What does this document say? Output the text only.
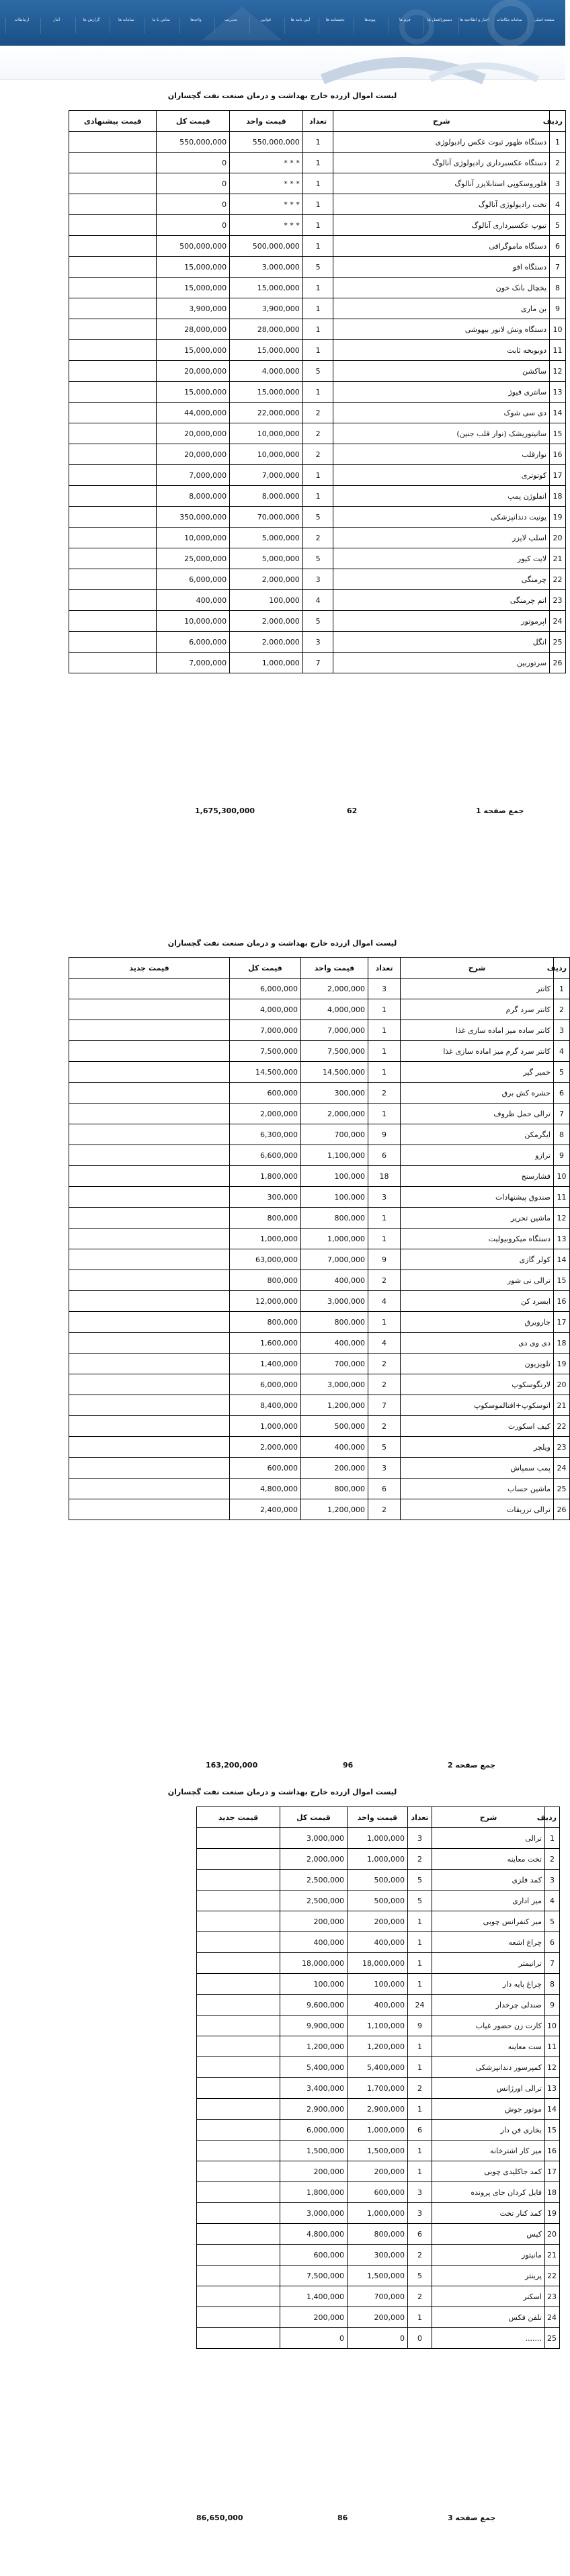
صفحه اصلی
سامانه مکاتبات
اخبار و اطلاعیه ها
دستورالعمل ها
فرم ها
پیوندها
بخشنامه ها
آیین نامه ها
قوانین
مدیریت
واحدها
تماس با ما
سامانه ها
گزارش ها
آمار
ارتباطات
لیست اموال ازرده خارج بهداشت و درمان صنعت نفت گچساران
ردیف	شرح	تعداد	قیمت واحد	قیمت کل	قیمت پیشنهادی
1	دستگاه ظهور ثبوت عکس رادیولوژی	1	550,000,000	550,000,000	
2	دستگاه عکسبرداری رادیولوژی آنالوگ	1	* * *	0	
3	فلوروسکوپی استابلایزر آنالوگ	1	* * *	0	
4	تخت رادیولوژی آنالوگ	1	* * *	0	
5	تیوپ عکسبرداری آنالوگ	1	* * *	0	
6	دستگاه ماموگرافی	1	500,000,000	500,000,000	
7	دستگاه افو	5	3,000,000	15,000,000	
8	یخچال بانک خون	1	15,000,000	15,000,000	
9	بن ماری	1	3,900,000	3,900,000	
10	دستگاه وتش لانور بیهوشی	1	28,000,000	28,000,000	
11	دوبوبخه ثابت	1	15,000,000	15,000,000	
12	ساکشن	5	4,000,000	20,000,000	
13	سانتری فیوژ	1	15,000,000	15,000,000	
14	دی سی شوک	2	22,000,000	44,000,000	
15	سانیتوریشک (نوار قلب جنین)	2	10,000,000	20,000,000	
16	نوارقلب	2	10,000,000	20,000,000	
17	کوتوتری	1	7,000,000	7,000,000	
18	انفلوژن پمپ	1	8,000,000	8,000,000	
19	یونیت دندانپزشکی	5	70,000,000	350,000,000	
20	اسلپ لایزر	2	5,000,000	10,000,000	
21	لایت کیور	5	5,000,000	25,000,000	
22	چرمنگی	3	2,000,000	6,000,000	
23	اتم چرمنگی	4	100,000	400,000	
24	اپرموتور	5	2,000,000	10,000,000	
25	انگل	3	2,000,000	6,000,000	
26	سرتوربین	7	1,000,000	7,000,000	
جمع صفحه 1
62
1,675,300,000
لیست اموال ازرده خارج بهداشت و درمان صنعت نفت گچساران
ردیف	شرح	تعداد	قیمت واحد	قیمت کل	قیمت جدید
1	کانتر	3	2,000,000	6,000,000	
2	کانتر سرد گرم	1	4,000,000	4,000,000	
3	کانتر ساده میز اماده سازی غذا	1	7,000,000	7,000,000	
4	کانتر سرد گرم میز اماده سازی غذا	1	7,500,000	7,500,000	
5	خمیر گیر	1	14,500,000	14,500,000	
6	حشره کش برق	2	300,000	600,000	
7	ترالی حمل ظروف	1	2,000,000	2,000,000	
8	ایگرمکن	9	700,000	6,300,000	
9	ترازو	6	1,100,000	6,600,000	
10	فشارسنج	18	100,000	1,800,000	
11	صندوق پیشنهادات	3	100,000	300,000	
12	ماشین تحریر	1	800,000	800,000	
13	دستگاه میکروبیولیت	1	1,000,000	1,000,000	
14	کولر گازی	9	7,000,000	63,000,000	
15	ترالی نی شور	2	400,000	800,000	
16	ابسرد کن	4	3,000,000	12,000,000	
17	جاروبرق	1	800,000	800,000	
18	دی وی دی	4	400,000	1,600,000	
19	تلویزیون	2	700,000	1,400,000	
20	لارنگوسکوپ	2	3,000,000	6,000,000	
21	اتوسکوپ+افتالموسکوپ	7	1,200,000	8,400,000	
22	کیف اسکورت	2	500,000	1,000,000	
23	ویلچر	5	400,000	2,000,000	
24	پمپ سمپاش	3	200,000	600,000	
25	ماشین حساب	6	800,000	4,800,000	
26	ترالی تزریقات	2	1,200,000	2,400,000	
جمع صفحه 2
96
163,200,000
لیست اموال ازرده خارج بهداشت و درمان صنعت نفت گچساران
ردیف	شرح	تعداد	قیمت واحد	قیمت کل	قیمت جدید
1	ترالی	3	1,000,000	3,000,000	
2	تخت معاینه	2	1,000,000	2,000,000	
3	کمد فلزی	5	500,000	2,500,000	
4	میز اداری	5	500,000	2,500,000	
5	میز کنفرانس چوبی	1	200,000	200,000	
6	چراغ اشعه	1	400,000	400,000	
7	ترانیمتر	1	18,000,000	18,000,000	
8	چراغ پایه دار	1	100,000	100,000	
9	صندلی چرخدار	24	400,000	9,600,000	
10	کارت زن حضور غیاب	9	1,100,000	9,900,000	
11	ست معاینه	1	1,200,000	1,200,000	
12	کمپرسور دندانپزشکی	1	5,400,000	5,400,000	
13	ترالی اورژانس	2	1,700,000	3,400,000	
14	موتور جوش	1	2,900,000	2,900,000	
15	بخاری فن دار	6	1,000,000	6,000,000	
16	میز کار اشترخانه	1	1,500,000	1,500,000	
17	کمد جاکلیدی چوبی	1	200,000	200,000	
18	فایل کردان جای پرونده	3	600,000	1,800,000	
19	کمد کنار تخت	3	1,000,000	3,000,000	
20	کیس	6	800,000	4,800,000	
21	مانیتور	2	300,000	600,000	
22	پرینتر	5	1,500,000	7,500,000	
23	اسکنر	2	700,000	1,400,000	
24	تلفن فکس	1	200,000	200,000	
25	.......	0	0	0	
جمع صفحه 3
86
86,650,000
